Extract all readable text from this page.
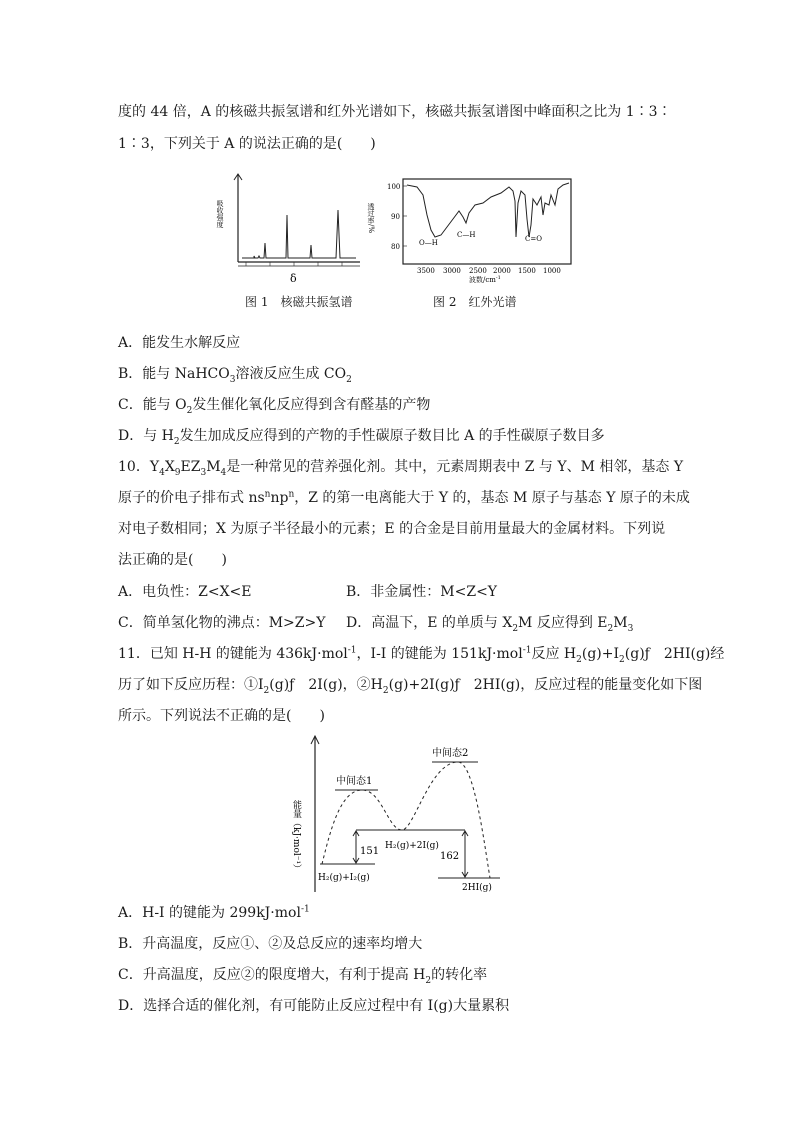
度的 44 倍，A 的核磁共振氢谱和红外光谱如下，核磁共振氢谱图中峰面积之比为 1∶3∶
1∶3，下列关于 A 的说法正确的是(　　)
吸收强度
δ
图 1　核磁共振氢谱
透过率/%
100
90
80	O—H
C—H	C=O
3500 3000 2500 2000 1500 1000
波数$/cm^{-1}$
图 2　红外光谱
A．能发生水解反应
B．能与 NaHCO$_3$溶液反应生成 $CO_2$
C．能与 $O_2$发生催化氧化反应得到含有醛基的产物
D．与 $H_2$发生加成反应得到的产物的手性碳原子数目比 A 的手性碳原子数目多
10．$Y_4X_9EZ_3M_4$是一种常见的营养强化剂。其中，元素周期表中 Z 与 Y、M 相邻，基态 Y
原子的价电子排布式 $ns^nnp^n$，Z 的第一电离能大于 Y 的，基态 M 原子与基态 Y 原子的未成
对电子数相同；X 为原子半径最小的元素；E 的合金是目前用量最大的金属材料。下列说
法正确的是(　　)
A．电负性：Z<X<E	B．非金属性：M<Z<Y
C．简单氢化物的沸点：M>Z>Y D．高温下，E 的单质与 $X_2M$ 反应得到 $E_2M_3$
11．已知 H-H 的键能为 436kJ·mol$^{-1}$，I-I 的键能为 151kJ·mol$^{-1}$反应 $H_2(g)+I_2(g)ƒ$　2HI(g)经
历了如下反应历程：$①I_2(g)ƒ$　2I(g)，$②H_2(g)+2I(g)ƒ$　2HI(g)，反应过程的能量变化如下图
所示。下列说法不正确的是(　　)
能量（kJ·mol⁻¹）
中间态1
中间态2
H₂(g)+I₂(g)
H₂(g)+2I(g)
2HI(g)
151	162
A．H-I 的键能为 299kJ·mol$^{-1}$
B．升高温度，反应①、②及总反应的速率均增大
C．升高温度，反应②的限度增大，有利于提高 $H_2$的转化率
D．选择合适的催化剂，有可能防止反应过程中有 I(g)大量累积
